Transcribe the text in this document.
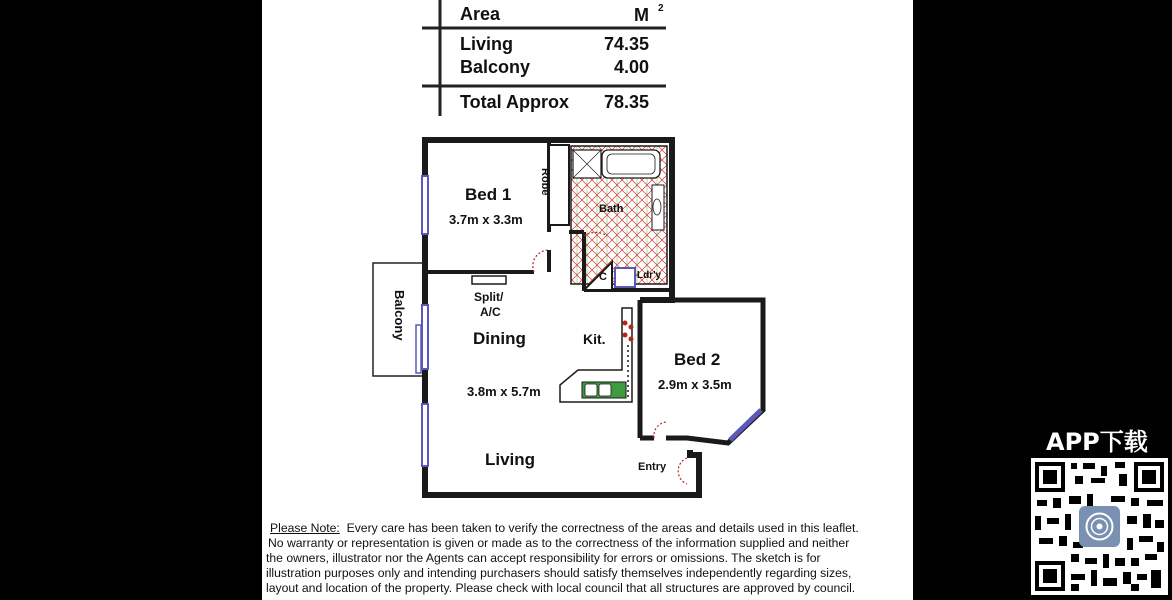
Area	M 2
Living	74.35
Balcony	4.00
Total Approx	78.35
Bed 1
3.7m x 3.3m
Robe
Bath
C	Ldr'y
Split/
A/C
Balcony	Dining	Kit.
3.8m x 5.7m
Bed 2
2.9m x 3.5m
Living	Entry

Please Note: Every care has been taken to verify the correctness of the areas and details used in this leaflet.

No warranty or representation is given or made as to the correctness of the information supplied and neither

the owners, illustrator nor the Agents can accept responsibility for errors or omissions. The sketch is for

illustration purposes only and intending purchasers should satisfy themselves independently regarding sizes,

layout and location of the property. Please check with local council that all structures are approved by council.

APP下载
